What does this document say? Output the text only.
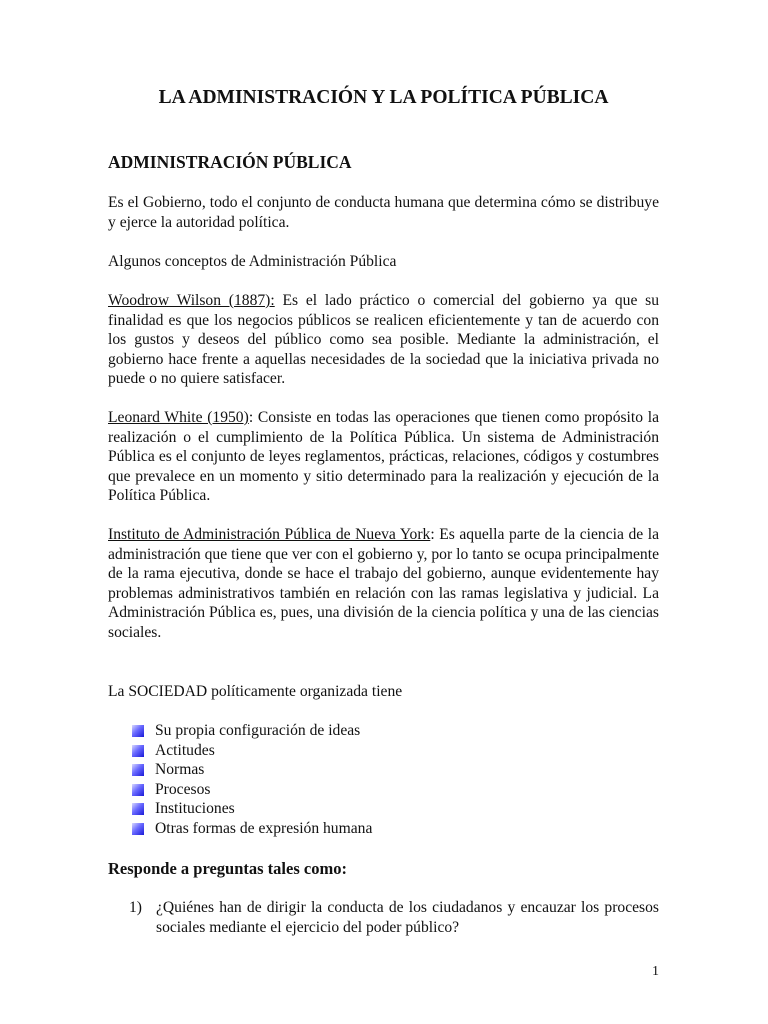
LA ADMINISTRACIÓN Y LA POLÍTICA PÚBLICA
ADMINISTRACIÓN PÚBLICA

Es el Gobierno, todo el conjunto de conducta humana que determina cómo se distribuye y ejerce la autoridad política.

Algunos conceptos de Administración Pública

Woodrow Wilson (1887): Es el lado práctico o comercial del gobierno ya que su finalidad es que los negocios públicos se realicen eficientemente y tan de acuerdo con los gustos y deseos del público como sea posible. Mediante la administración, el gobierno hace frente a aquellas necesidades de la sociedad que la iniciativa privada no puede o no quiere satisfacer.

Leonard White (1950): Consiste en todas las operaciones que tienen como propósito la realización o el cumplimiento de la Política Pública. Un sistema de Administración Pública es el conjunto de leyes reglamentos, prácticas, relaciones, códigos y costumbres que prevalece en un momento y sitio determinado para la realización y ejecución de la Política Pública.

Instituto de Administración Pública de Nueva York: Es aquella parte de la ciencia de la administración que tiene que ver con el gobierno y, por lo tanto se ocupa principalmente de la rama ejecutiva, donde se hace el trabajo del gobierno, aunque evidentemente hay problemas administrativos también en relación con las ramas legislativa y judicial. La Administración Pública es, pues, una división de la ciencia política y una de las ciencias sociales.

La SOCIEDAD políticamente organizada tiene

Su propia configuración de ideas
Actitudes
Normas
Procesos
Instituciones
Otras formas de expresión humana
Responde a preguntas tales como:
1) ¿Quiénes han de dirigir la conducta de los ciudadanos y encauzar los procesos sociales mediante el ejercicio del poder público?
1
